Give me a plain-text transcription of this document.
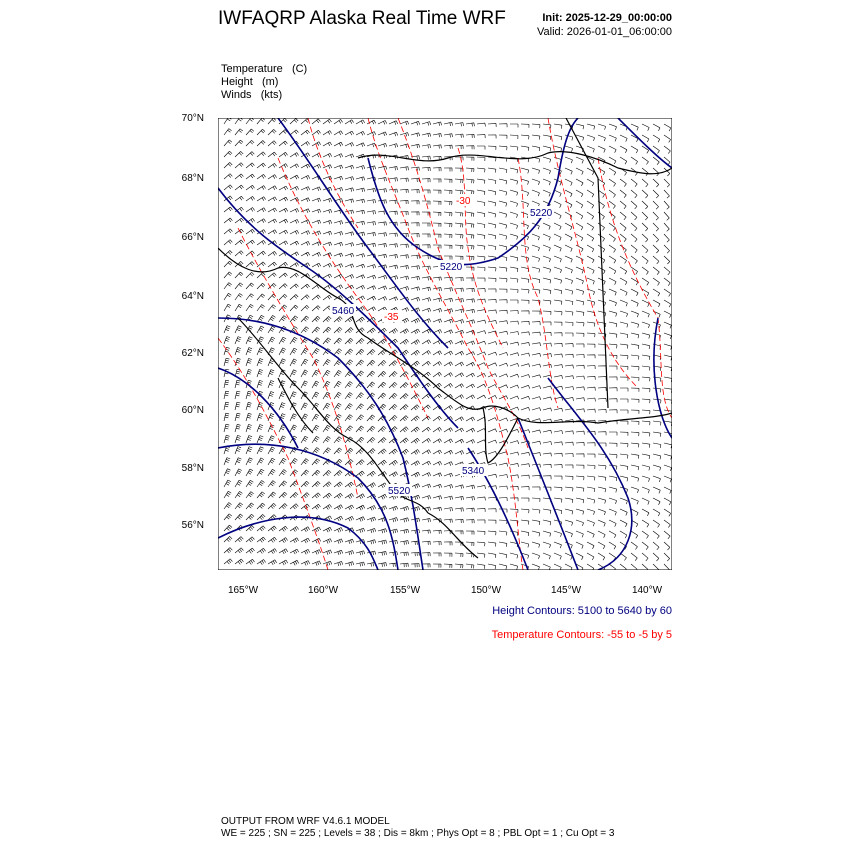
IWFAQRP Alaska Real Time WRF	Init: 2025-12-29_00:00:00
Valid: 2026-01-01_06:00:00
Temperature (C)
Height (m)
Winds (kts)
-30
-35
5220
5220
5460
5520
5340
70°N
68°N
66°N
64°N
62°N
60°N
58°N
56°N
165°W	160°W	155°W	150°W	145°W	140°W
Height Contours: 5100 to 5640 by 60
Temperature Contours: -55 to -5 by 5
OUTPUT FROM WRF V4.6.1 MODEL
WE = 225 ; SN = 225 ; Levels = 38 ; Dis = 8km ; Phys Opt = 8 ; PBL Opt = 1 ; Cu Opt = 3
